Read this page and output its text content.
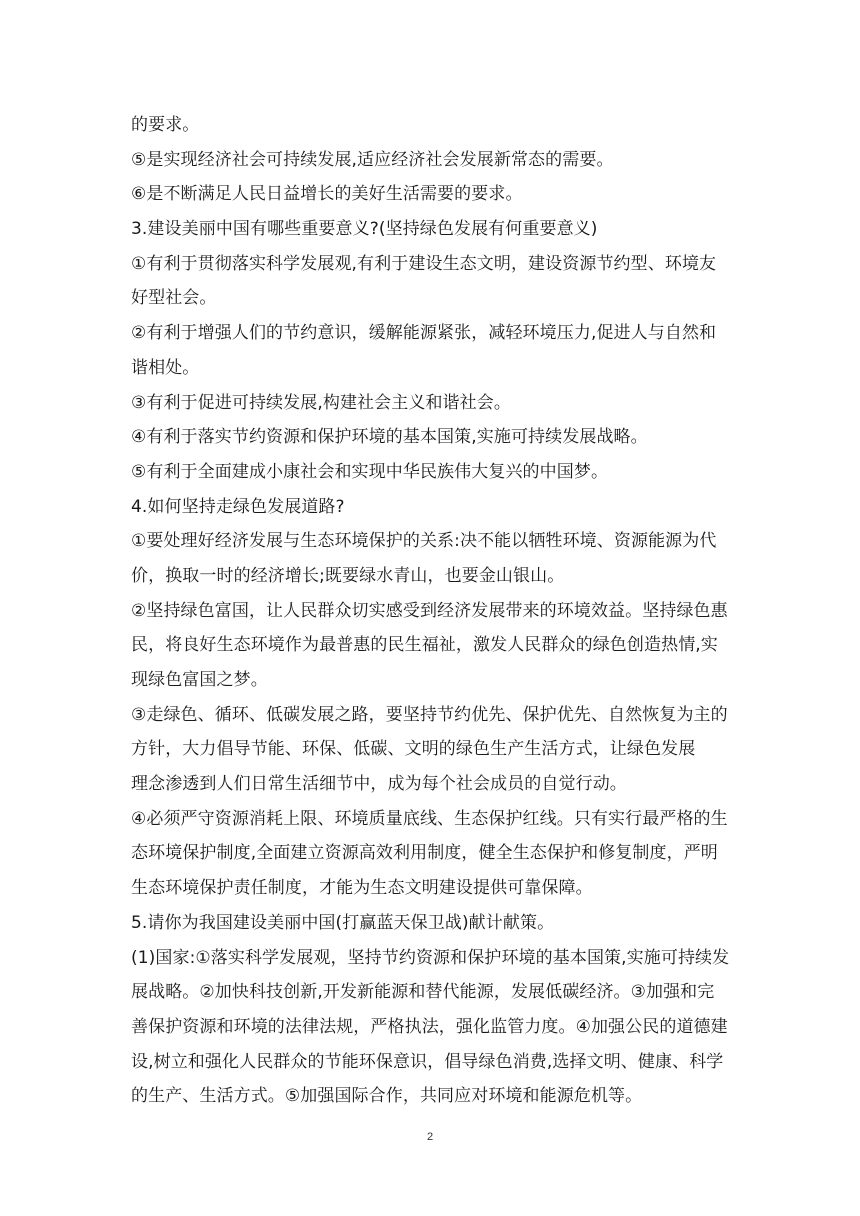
的要求。
⑤是实现经济社会可持续发展,适应经济社会发展新常态的需要。
⑥是不断满足人民日益增长的美好生活需要的要求。
3.建设美丽中国有哪些重要意义?(坚持绿色发展有何重要意义)
①有利于贯彻落实科学发展观,有利于建设生态文明，建设资源节约型、环境友
好型社会。
②有利于增强人们的节约意识，缓解能源紧张，减轻环境压力,促进人与自然和
谐相处。
③有利于促进可持续发展,构建社会主义和谐社会。
④有利于落实节约资源和保护环境的基本国策,实施可持续发展战略。
⑤有利于全面建成小康社会和实现中华民族伟大复兴的中国梦。
4.如何坚持走绿色发展道路?
①要处理好经济发展与生态环境保护的关系:决不能以牺牲环境、资源能源为代
价，换取一时的经济增长;既要绿水青山，也要金山银山。
②坚持绿色富国，让人民群众切实感受到经济发展带来的环境效益。坚持绿色惠
民，将良好生态环境作为最普惠的民生福祉，激发人民群众的绿色创造热情,实
现绿色富国之梦。
③走绿色、循环、低碳发展之路，要坚持节约优先、保护优先、自然恢复为主的
方针，大力倡导节能、环保、低碳、文明的绿色生产生活方式，让绿色发展
理念渗透到人们日常生活细节中，成为每个社会成员的自觉行动。
④必须严守资源消耗上限、环境质量底线、生态保护红线。只有实行最严格的生
态环境保护制度,全面建立资源高效利用制度，健全生态保护和修复制度，严明
生态环境保护责任制度，才能为生态文明建设提供可靠保障。
5.请你为我国建设美丽中国(打赢蓝天保卫战)献计献策。
(1)国家:①落实科学发展观，坚持节约资源和保护环境的基本国策,实施可持续发
展战略。②加快科技创新,开发新能源和替代能源，发展低碳经济。③加强和完
善保护资源和环境的法律法规，严格执法，强化监管力度。④加强公民的道德建
设,树立和强化人民群众的节能环保意识，倡导绿色消费,选择文明、健康、科学
的生产、生活方式。⑤加强国际合作，共同应对环境和能源危机等。
2
